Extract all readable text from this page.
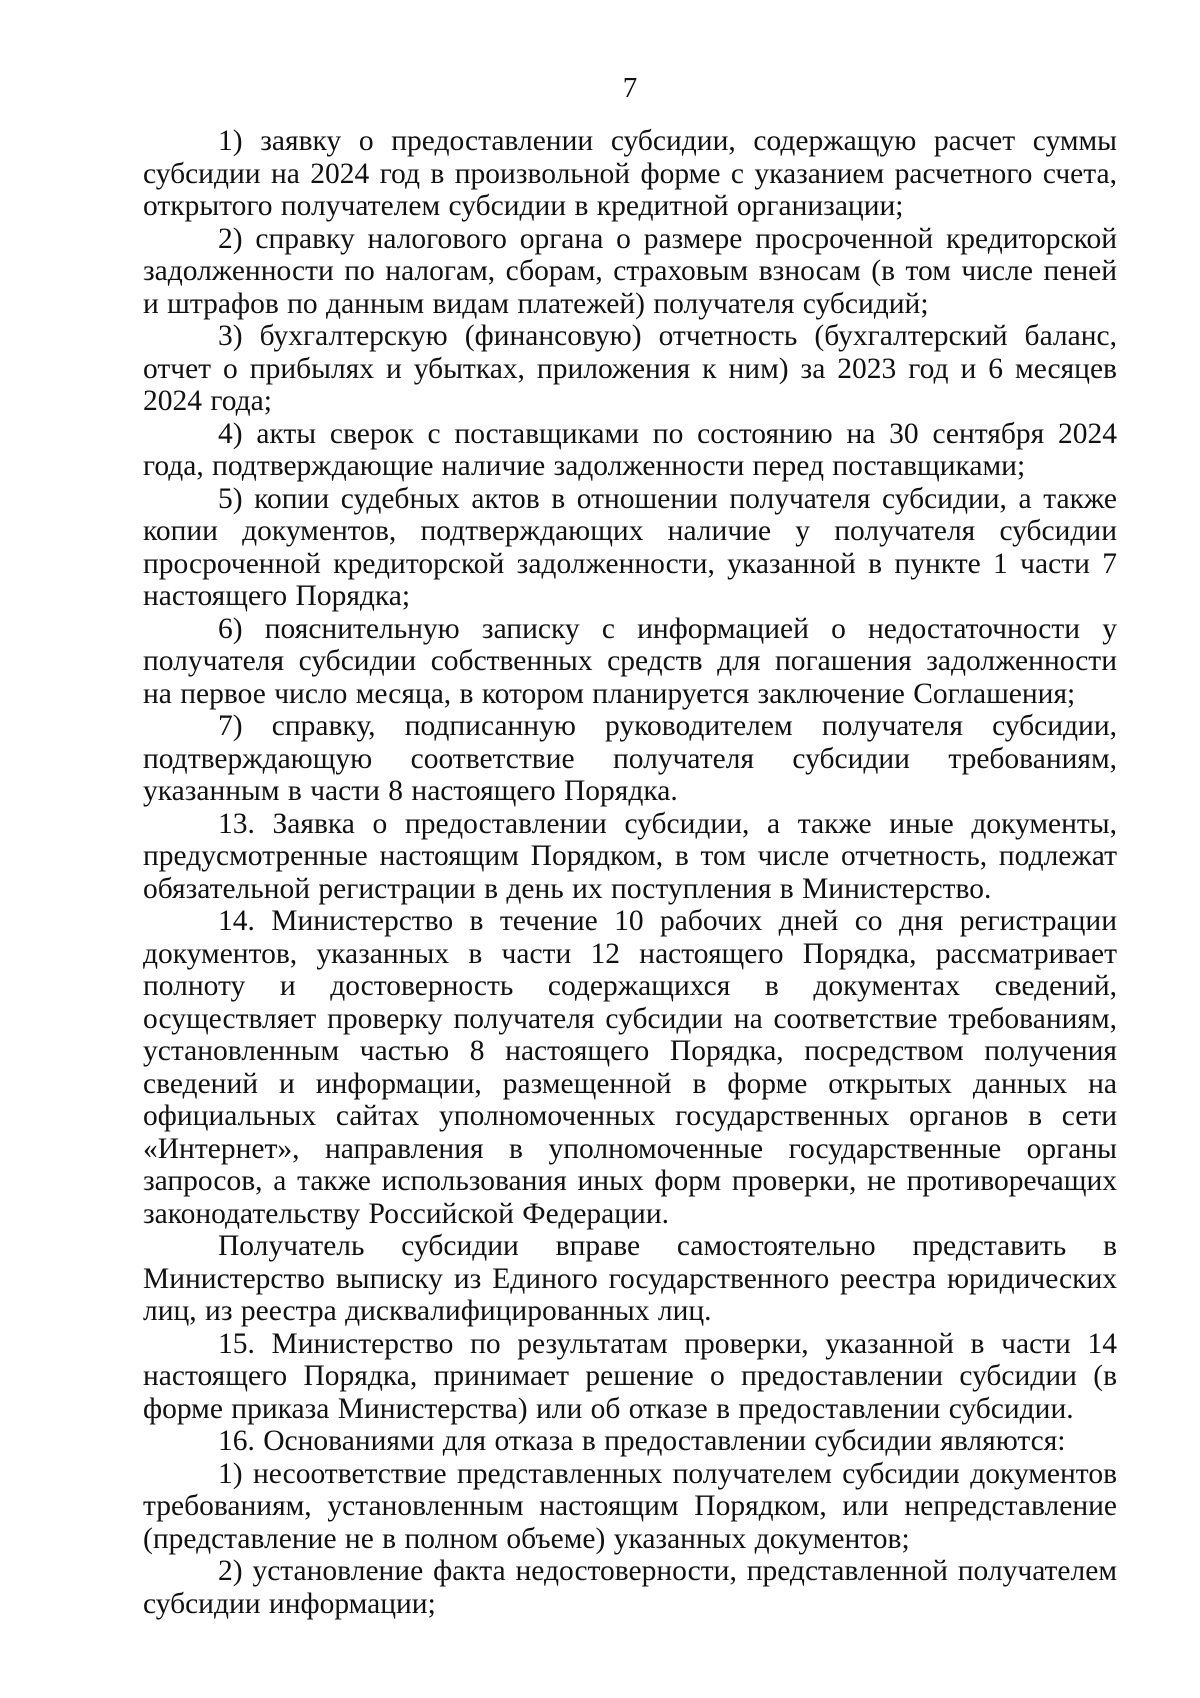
7

1) заявку о предоставлении субсидии, содержащую расчет суммы субсидии на 2024 год в произвольной форме с указанием расчетного счета, открытого получателем субсидии в кредитной организации;

2) справку налогового органа о размере просроченной кредиторской задолженности по налогам, сборам, страховым взносам (в том числе пеней и штрафов по данным видам платежей) получателя субсидий;

3) бухгалтерскую (финансовую) отчетность (бухгалтерский баланс, отчет о прибылях и убытках, приложения к ним) за 2023 год и 6 месяцев 2024 года;

4) акты сверок с поставщиками по состоянию на 30 сентября 2024 года, подтверждающие наличие задолженности перед поставщиками;

5) копии судебных актов в отношении получателя субсидии, а также копии документов, подтверждающих наличие у получателя субсидии просроченной кредиторской задолженности, указанной в пункте 1 части 7 настоящего Порядка;

6) пояснительную записку с информацией о недостаточности у получателя субсидии собственных средств для погашения задолженности на первое число месяца, в котором планируется заключение Соглашения;

7) справку, подписанную руководителем получателя субсидии, подтверждающую соответствие получателя субсидии требованиям, указанным в части 8 настоящего Порядка.

13. Заявка о предоставлении субсидии, а также иные документы, предусмотренные настоящим Порядком, в том числе отчетность, подлежат обязательной регистрации в день их поступления в Министерство.

14. Министерство в течение 10 рабочих дней со дня регистрации документов, указанных в части 12 настоящего Порядка, рассматривает полноту и достоверность содержащихся в документах сведений, осуществляет проверку получателя субсидии на соответствие требованиям, установленным частью 8 настоящего Порядка, посредством получения сведений и информации, размещенной в форме открытых данных на официальных сайтах уполномоченных государственных органов в сети «Интернет», направления в уполномоченные государственные органы запросов, а также использования иных форм проверки, не противоречащих законодательству Российской Федерации.

Получатель субсидии вправе самостоятельно представить в Министерство выписку из Единого государственного реестра юридических лиц, из реестра дисквалифицированных лиц.

15. Министерство по результатам проверки, указанной в части 14 настоящего Порядка, принимает решение о предоставлении субсидии (в форме приказа Министерства) или об отказе в предоставлении субсидии.

16. Основаниями для отказа в предоставлении субсидии являются:

1) несоответствие представленных получателем субсидии документов требованиям, установленным настоящим Порядком, или непредставление (представление не в полном объеме) указанных документов;

2) установление факта недостоверности, представленной получателем субсидии информации;
